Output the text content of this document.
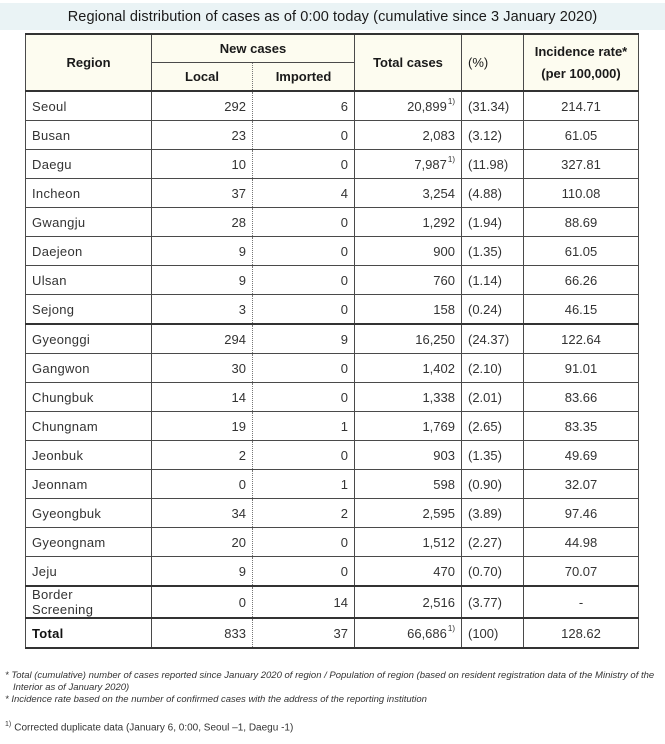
Regional distribution of cases as of 0:00 today (cumulative since 3 January 2020)
Region	New cases		Total cases	(%)	Incidence rate*
(per 100,000)
	Local	Imported			
Seoul	292	6	20,899$^{1)}$	(31.34)	214.71
Busan	23	0	2,083	(3.12)	61.05
Daegu	10	0	7,987$^{1)}$	(11.98)	327.81
Incheon	37	4	3,254	(4.88)	110.08
Gwangju	28	0	1,292	(1.94)	88.69
Daejeon	9	0	900	(1.35)	61.05
Ulsan	9	0	760	(1.14)	66.26
Sejong	3	0	158	(0.24)	46.15
Gyeonggi	294	9	16,250	(24.37)	122.64
Gangwon	30	0	1,402	(2.10)	91.01
Chungbuk	14	0	1,338	(2.01)	83.66
Chungnam	19	1	1,769	(2.65)	83.35
Jeonbuk	2	0	903	(1.35)	49.69
Jeonnam	0	1	598	(0.90)	32.07
Gyeongbuk	34	2	2,595	(3.89)	97.46
Gyeongnam	20	0	1,512	(2.27)	44.98
Jeju	9	0	470	(0.70)	70.07
Border
Screening	0	14	2,516	(3.77)	-
Total	833	37	66,686$^{1)}$	(100)	128.62
* Total (cumulative) number of cases reported since January 2020 of region / Population of region (based on resident registration data of the Ministry of the Interior as of January 2020)
* Incidence rate based on the number of confirmed cases with the address of the reporting institution
$^{1)}$ Corrected duplicate data (January 6, 0:00, Seoul –1, Daegu -1)
